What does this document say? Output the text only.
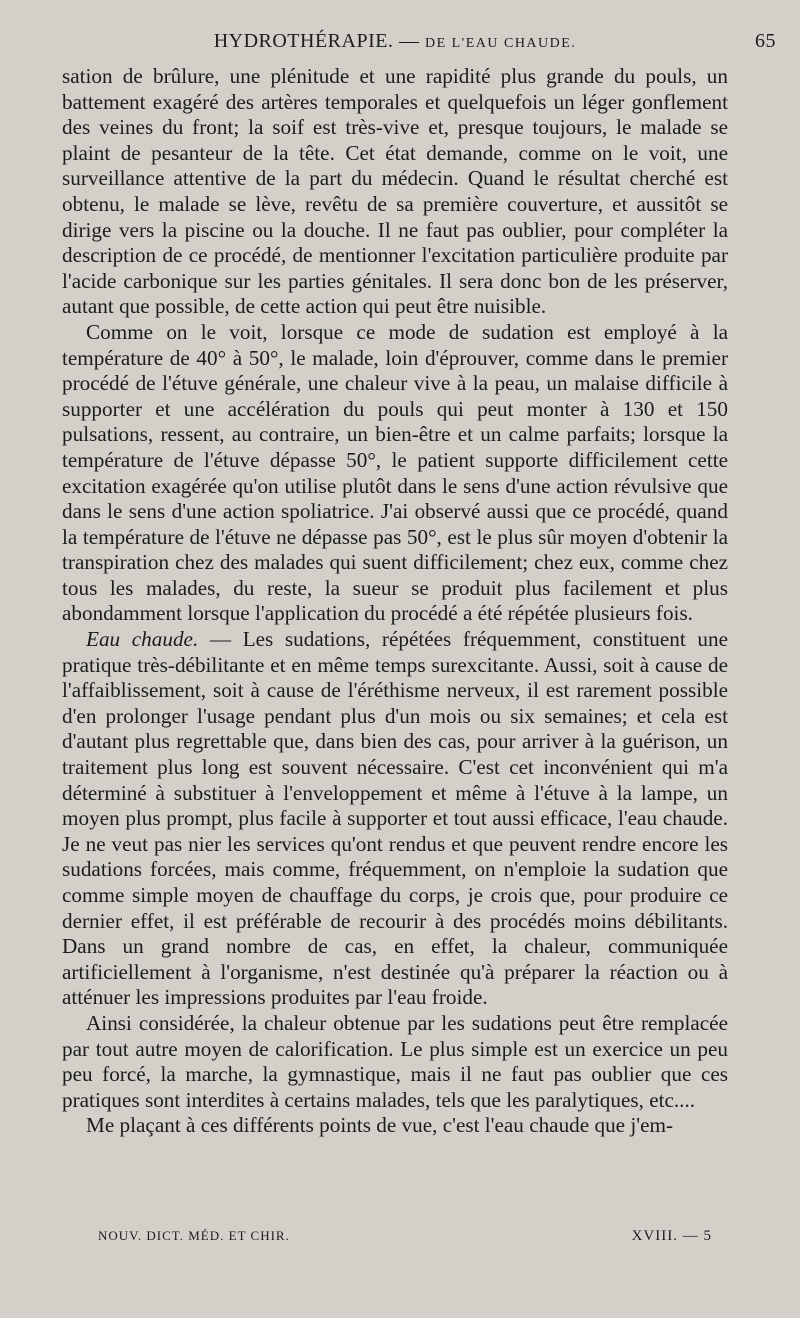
HYDROTHÉRAPIE. — DE L'EAU CHAUDE.	65

sation de brûlure, une plénitude et une rapidité plus grande du pouls, un battement exagéré des artères temporales et quelquefois un léger gonflement des veines du front; la soif est très-vive et, presque toujours, le malade se plaint de pesanteur de la tête. Cet état demande, comme on le voit, une surveillance attentive de la part du médecin. Quand le résultat cherché est obtenu, le malade se lève, revêtu de sa première couverture, et aussitôt se dirige vers la piscine ou la douche. Il ne faut pas oublier, pour compléter la description de ce procédé, de mentionner l'excitation particulière produite par l'acide carbonique sur les parties génitales. Il sera donc bon de les préserver, autant que possible, de cette action qui peut être nuisible.

Comme on le voit, lorsque ce mode de sudation est employé à la température de 40° à 50°, le malade, loin d'éprouver, comme dans le premier procédé de l'étuve générale, une chaleur vive à la peau, un malaise difficile à supporter et une accélération du pouls qui peut monter à 130 et 150 pulsations, ressent, au contraire, un bien-être et un calme parfaits; lorsque la température de l'étuve dépasse 50°, le patient supporte difficilement cette excitation exagérée qu'on utilise plutôt dans le sens d'une action révulsive que dans le sens d'une action spoliatrice. J'ai observé aussi que ce procédé, quand la température de l'étuve ne dépasse pas 50°, est le plus sûr moyen d'obtenir la transpiration chez des malades qui suent difficilement; chez eux, comme chez tous les malades, du reste, la sueur se produit plus facilement et plus abondamment lorsque l'application du procédé a été répétée plusieurs fois.

Eau chaude. — Les sudations, répétées fréquemment, constituent une pratique très-débilitante et en même temps surexcitante. Aussi, soit à cause de l'affaiblissement, soit à cause de l'éréthisme nerveux, il est rarement possible d'en prolonger l'usage pendant plus d'un mois ou six semaines; et cela est d'autant plus regrettable que, dans bien des cas, pour arriver à la guérison, un traitement plus long est souvent nécessaire. C'est cet inconvénient qui m'a déterminé à substituer à l'enveloppement et même à l'étuve à la lampe, un moyen plus prompt, plus facile à supporter et tout aussi efficace, l'eau chaude. Je ne veut pas nier les services qu'ont rendus et que peuvent rendre encore les sudations forcées, mais comme, fréquemment, on n'emploie la sudation que comme simple moyen de chauffage du corps, je crois que, pour produire ce dernier effet, il est préférable de recourir à des procédés moins débilitants. Dans un grand nombre de cas, en effet, la chaleur, communiquée artificiellement à l'organisme, n'est destinée qu'à préparer la réaction ou à atténuer les impressions produites par l'eau froide.

Ainsi considérée, la chaleur obtenue par les sudations peut être remplacée par tout autre moyen de calorification. Le plus simple est un exercice un peu peu forcé, la marche, la gymnastique, mais il ne faut pas oublier que ces pratiques sont interdites à certains malades, tels que les paralytiques, etc....

Me plaçant à ces différents points de vue, c'est l'eau chaude que j'em-

NOUV. DICT. MÉD. ET CHIR.	XVIII. — 5
